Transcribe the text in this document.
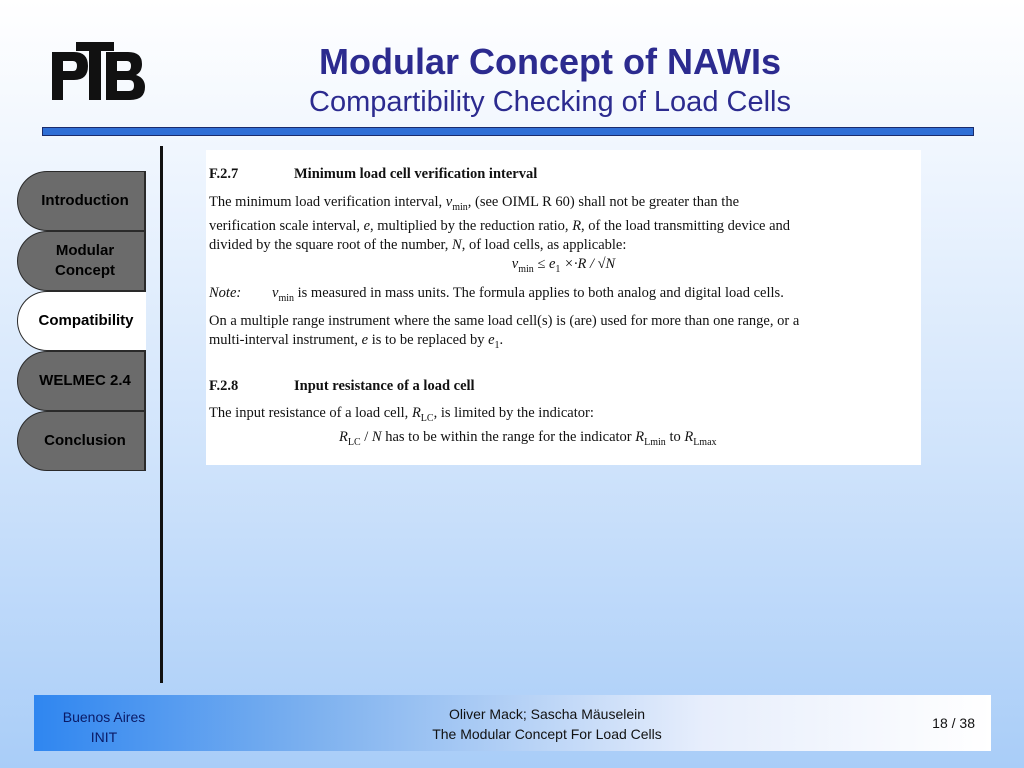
Modular Concept of NAWIs
Compartibility Checking of Load Cells
Introduction
Modular Concept
Compatibility
WELMEC 2.4
Conclusion
F.2.7	Minimum load cell verification interval
The minimum load verification interval, $v_{min}$, (see OIML R 60) shall not be greater than the
verification scale interval, e, multiplied by the reduction ratio, R, of the load transmitting device and
divided by the square root of the number, N, of load cells, as applicable:
$v_{min} \le e_1 \times\cdot R / √N$
Note: $v_{min}$ is measured in mass units. The formula applies to both analog and digital load cells.
On a multiple range instrument where the same load cell(s) is (are) used for more than one range, or a
multi-interval instrument, e is to be replaced by $e_1$.
F.2.8	Input resistance of a load cell
The input resistance of a load cell, $R_{LC}$, is limited by the indicator:
$R_{LC}$ / N has to be within the range for the indicator $R_{Lmin}$ to $R_{Lmax}$
Buenos Aires
INIT
Oliver Mack; Sascha Mäuselein
The Modular Concept For Load Cells
18 / 38
